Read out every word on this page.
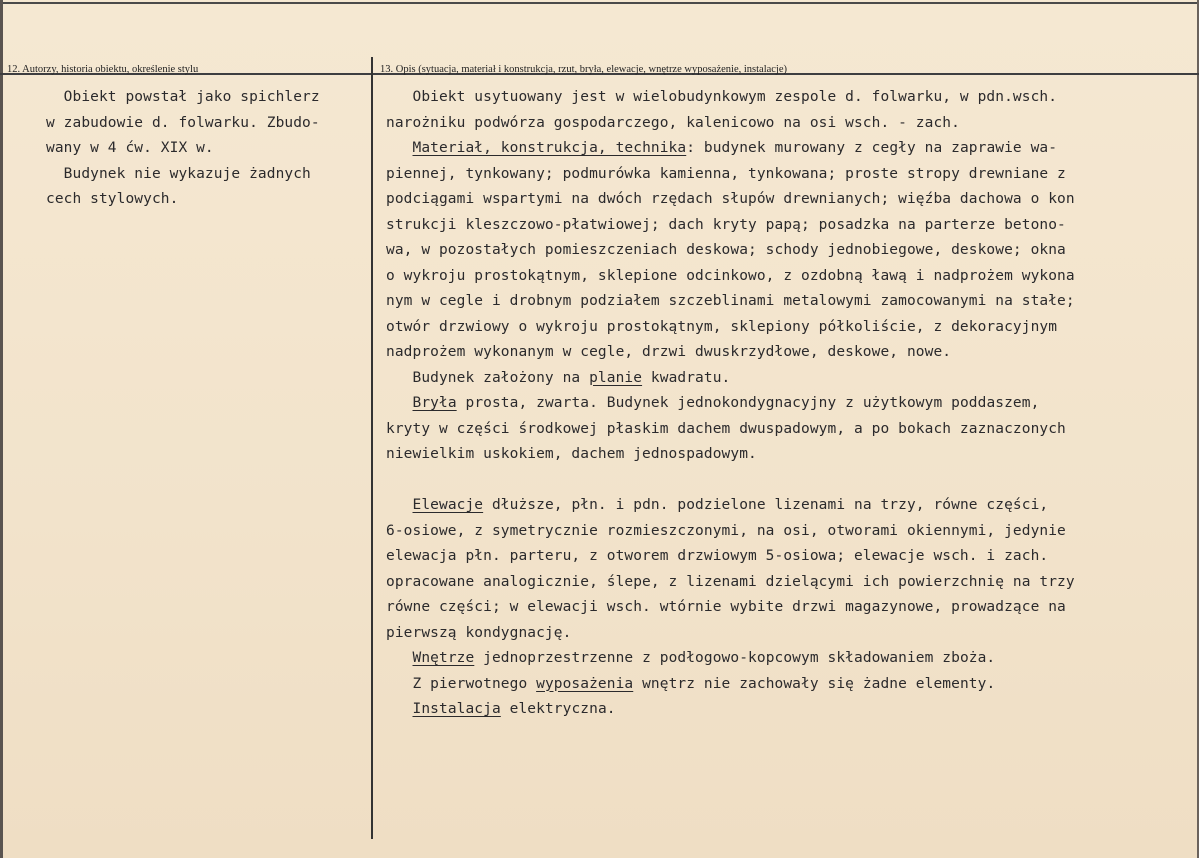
12. Autorzy, historia obiektu, określenie stylu	13. Opis (sytuacja, materiał i konstrukcja, rzut, bryła, elewacje, wnętrze wyposażenie, instalacje)
Obiekt powstał jako spichlerz
w zabudowie d. folwarku. Zbudo-
wany w 4 ćw. XIX w.
Budynek nie wykazuje żadnych
cech stylowych.
Obiekt usytuowany jest w wielobudynkowym zespole d. folwarku, w pdn.wsch.
narożniku podwórza gospodarczego, kalenicowo na osi wsch. - zach.
Materiał, konstrukcja, technika: budynek murowany z cegły na zaprawie wa-
piennej, tynkowany; podmurówka kamienna, tynkowana; proste stropy drewniane z
podciągami wspartymi na dwóch rzędach słupów drewnianych; więźba dachowa o kon
strukcji kleszczowo-płatwiowej; dach kryty papą; posadzka na parterze betono-
wa, w pozostałych pomieszczeniach deskowa; schody jednobiegowe, deskowe; okna
o wykroju prostokątnym, sklepione odcinkowo, z ozdobną ławą i nadprożem wykona
nym w cegle i drobnym podziałem szczeblinami metalowymi zamocowanymi na stałe;
otwór drzwiowy o wykroju prostokątnym, sklepiony półkoliście, z dekoracyjnym
nadprożem wykonanym w cegle, drzwi dwuskrzydłowe, deskowe, nowe.
Budynek założony na planie kwadratu.
Bryła prosta, zwarta. Budynek jednokondygnacyjny z użytkowym poddaszem,
kryty w części środkowej płaskim dachem dwuspadowym, a po bokach zaznaczonych
niewielkim uskokiem, dachem jednospadowym.
Elewacje dłuższe, płn. i pdn. podzielone lizenami na trzy, równe części,
6-osiowe, z symetrycznie rozmieszczonymi, na osi, otworami okiennymi, jedynie
elewacja płn. parteru, z otworem drzwiowym 5-osiowa; elewacje wsch. i zach.
opracowane analogicznie, ślepe, z lizenami dzielącymi ich powierzchnię na trzy
równe części; w elewacji wsch. wtórnie wybite drzwi magazynowe, prowadzące na
pierwszą kondygnację.
Wnętrze jednoprzestrzenne z podłogowo-kopcowym składowaniem zboża.
Z pierwotnego wyposażenia wnętrz nie zachowały się żadne elementy.
Instalacja elektryczna.
